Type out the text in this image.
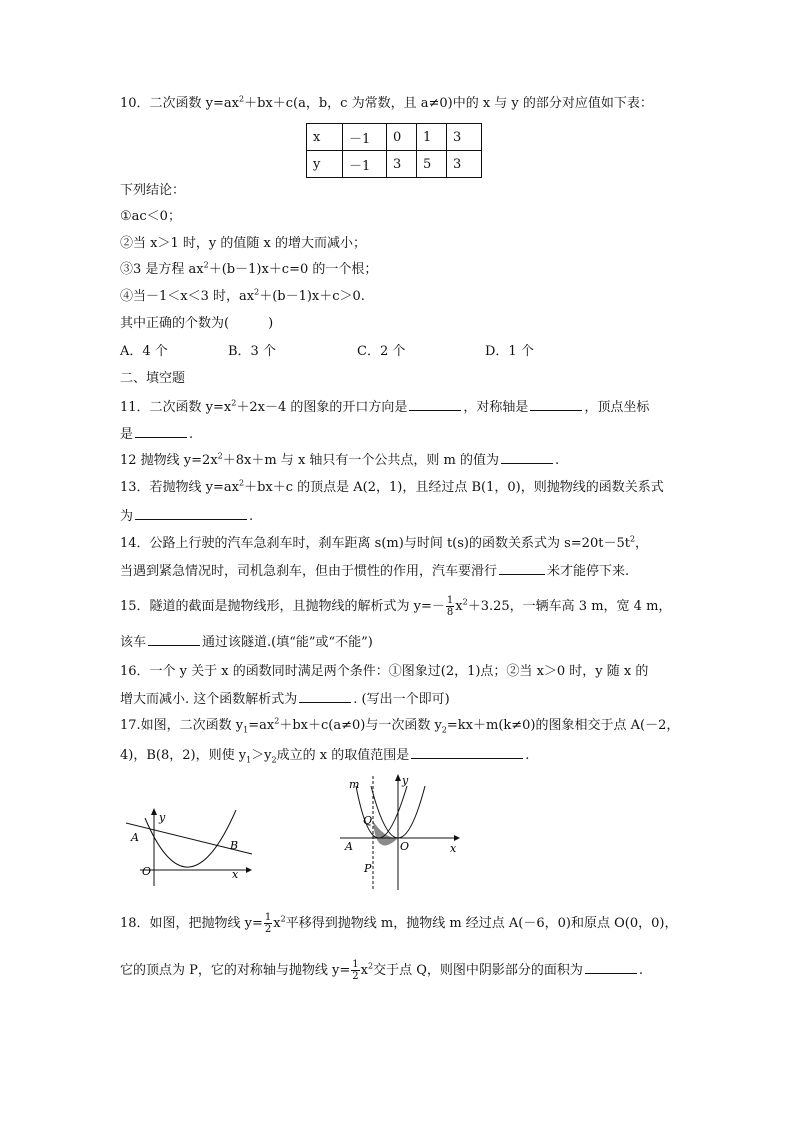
10．二次函数 $y=ax^2+bx+c(a$，b，c 为常数，且 a≠0)中的 x 与 y 的部分对应值如下表：
x	－1	0	1	3
y	－1	3	5	3
下列结论：
①ac＜0；
②当 x＞1 时，y 的值随 x 的增大而减小；
③3 是方程 $ax^2+(b-1)x+c=0$ 的一个根；
④当－1＜x＜3 时，$ax^2+(b-1)x+c>0$.
其中正确的个数为(　　　)
A．4 个	B．3 个	C．2 个	D．1 个
二、填空题
11．二次函数 $y=x^2+2x-4$ 的图象的开口方向是	，对称轴是	，顶点坐标
是	.
12 抛物线 $y=2x^2+8x+m$ 与 x 轴只有一个公共点，则 m 的值为	.
13．若抛物线 $y=ax^2+bx+c$ 的顶点是 A(2，1)，且经过点 B(1，0)，则抛物线的函数关系式
为	.
14．公路上行驶的汽车急刹车时，刹车距离 s(m)与时间 t(s)的函数关系式为 $s=20t-5t^2$，
当遇到紧急情况时，司机急刹车，但由于惯性的作用，汽车要滑行	米才能停下来.
15．隧道的截面是抛物线形，且抛物线的解析式为 $y=- \frac{1}{8} x^2+3.25$，一辆车高 3 m，宽 4 m，
该车	通过该隧道.(填“能”或“不能”)
16．一个 y 关于 x 的函数同时满足两个条件：①图象过(2，1)点；②当 x＞0 时，y 随 x 的
增大而减小. 这个函数解析式为	. (写出一个即可)
17.如图，二次函数 $y_1=ax^2+bx+c(a\ne 0)$与一次函数 $y_2=kx+m(k\ne 0)$的图象相交于点 A(－2，
4)，B(8，2)，则使 $y_1>y_2$成立的 x 的取值范围是	.
y
A
B
O	x
m	y
Q
A	O	x
P
18．如图，把抛物线 $y= \frac{1}{2} x^2$平移得到抛物线 m，抛物线 m 经过点 A(－6，0)和原点 O(0，0)，
它的顶点为 P，它的对称轴与抛物线 $y= \frac{1}{2} x^2$交于点 Q，则图中阴影部分的面积为	.
